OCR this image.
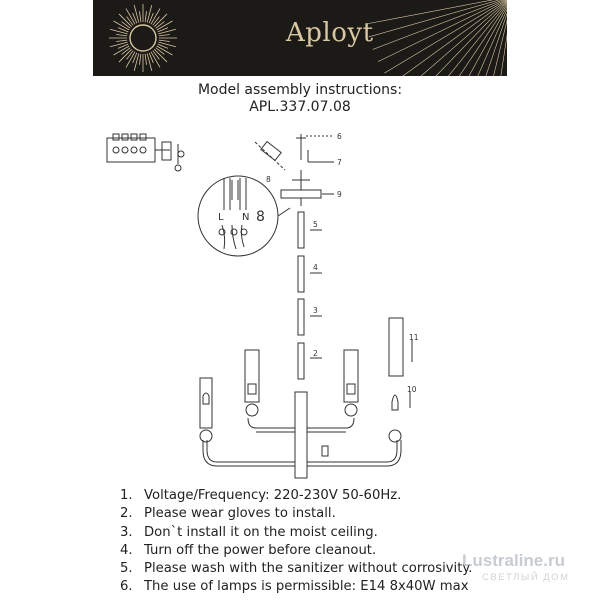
Aployt
Model assembly instructions:
APL.337.07.08
2
3
4
5
6
7
8
9
10
11
L N 8
1. Voltage/Frequency: 220-230V 50-60Hz.
2. Please wear gloves to install.
3. Don`t install it on the moist ceiling.
4. Turn off the power before cleanout.
5. Please wash with the sanitizer without corrosivity.
6. The use of lamps is permissible: E14 8x40W max
Lustraline.ru
СВЕТЛЫЙ ДОМ
